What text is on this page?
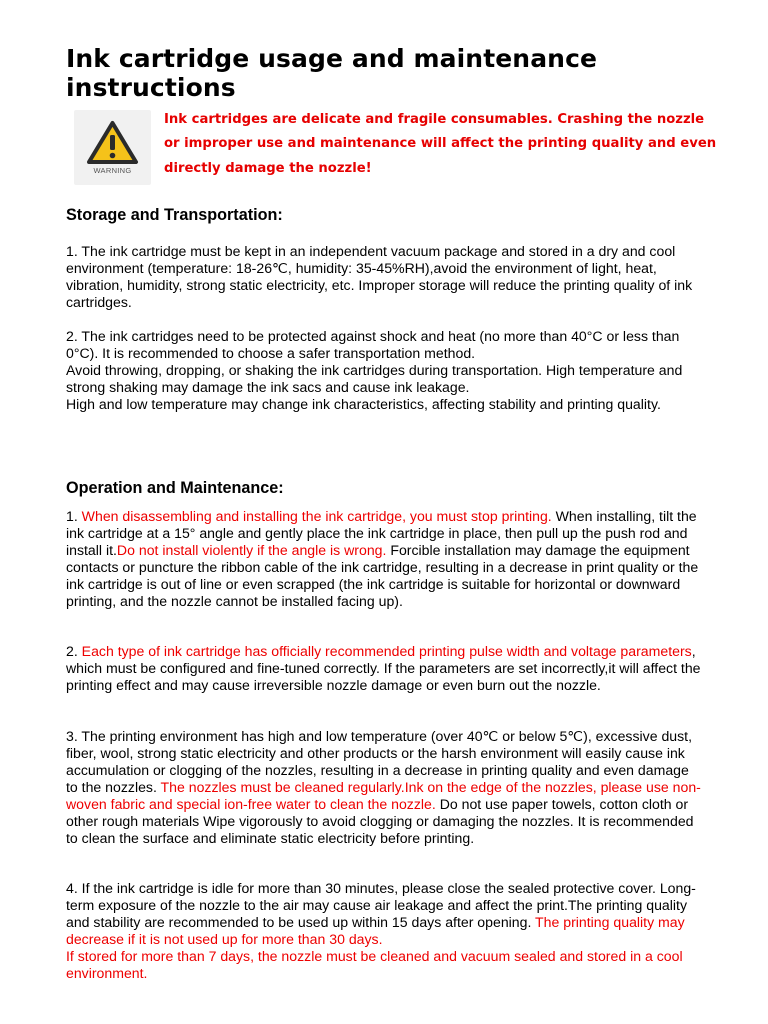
Ink cartridge usage and maintenance instructions
WARNING

Ink cartridges are delicate and fragile consumables. Crashing the nozzle or improper use and maintenance will affect the printing quality and even directly damage the nozzle!

Storage and Transportation:

1. The ink cartridge must be kept in an independent vacuum package and stored in a dry and cool environment (temperature: 18-26℃, humidity: 35-45%RH),avoid the environment of light, heat, vibration, humidity, strong static electricity, etc. Improper storage will reduce the printing quality of ink cartridges.

2. The ink cartridges need to be protected against shock and heat (no more than 40°C or less than 0°C). It is recommended to choose a safer transportation method.
Avoid throwing, dropping, or shaking the ink cartridges during transportation. High temperature and strong shaking may damage the ink sacs and cause ink leakage.
High and low temperature may change ink characteristics, affecting stability and printing quality.

Operation and Maintenance:

1. When disassembling and installing the ink cartridge, you must stop printing. When installing, tilt the ink cartridge at a 15° angle and gently place the ink cartridge in place, then pull up the push rod and install it.Do not install violently if the angle is wrong. Forcible installation may damage the equipment contacts or puncture the ribbon cable of the ink cartridge, resulting in a decrease in print quality or the ink cartridge is out of line or even scrapped (the ink cartridge is suitable for horizontal or downward printing, and the nozzle cannot be installed facing up).

2. Each type of ink cartridge has officially recommended printing pulse width and voltage parameters, which must be configured and fine-tuned correctly. If the parameters are set incorrectly,it will affect the printing effect and may cause irreversible nozzle damage or even burn out the nozzle.

3. The printing environment has high and low temperature (over 40℃ or below 5℃), excessive dust, fiber, wool, strong static electricity and other products or the harsh environment will easily cause ink accumulation or clogging of the nozzles, resulting in a decrease in printing quality and even damage to the nozzles. The nozzles must be cleaned regularly.Ink on the edge of the nozzles, please use non-woven fabric and special ion-free water to clean the nozzle. Do not use paper towels, cotton cloth or other rough materials Wipe vigorously to avoid clogging or damaging the nozzles. It is recommended to clean the surface and eliminate static electricity before printing.

4. If the ink cartridge is idle for more than 30 minutes, please close the sealed protective cover. Long-term exposure of the nozzle to the air may cause air leakage and affect the print.The printing quality and stability are recommended to be used up within 15 days after opening. The printing quality may decrease if it is not used up for more than 30 days.
If stored for more than 7 days, the nozzle must be cleaned and vacuum sealed and stored in a cool environment.
